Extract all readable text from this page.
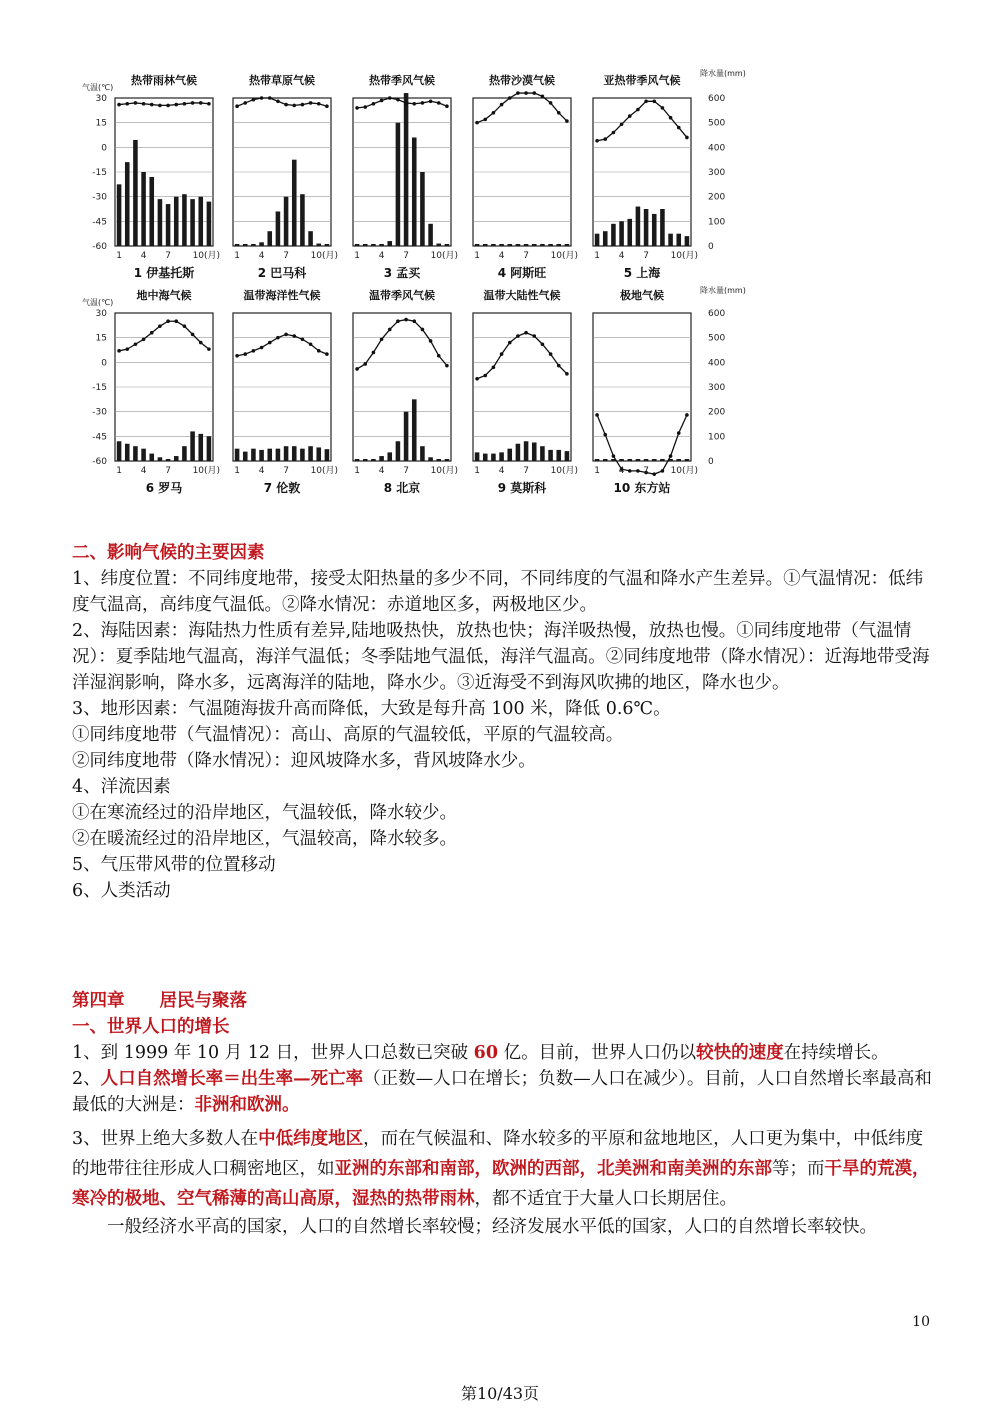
气温(℃)
30
15
0
-15
-30
-45
-60
降水量(mm)
600
500
400
300
200
100
0
气温(℃)
30
15
0
-15
-30
-45
-60
降水量(mm)
600
500
400
300
200
100
0
热带雨林气候
1 4 7 10(月)
1 伊基托斯
热带草原气候
1 4 7 10(月)
2 巴马科
热带季风气候
1 4 7 10(月)
3 孟买
热带沙漠气候
1 4 7 10(月)
4 阿斯旺
亚热带季风气候
1 4 7 10(月)
5 上海
地中海气候
1 4 7 10(月)
6 罗马
温带海洋性气候
1 4 7 10(月)
7 伦敦
温带季风气候
1 4 7 10(月)
8 北京
温带大陆性气候
1 4 7 10(月)
9 莫斯科
极地气候
1 4 7 10(月)
10 东方站

二、影响气候的主要因素

1、纬度位置：不同纬度地带，接受太阳热量的多少不同，不同纬度的气温和降水产生差异。①气温情况：低纬度气温高，高纬度气温低。②降水情况：赤道地区多，两极地区少。

2、海陆因素：海陆热力性质有差异,陆地吸热快，放热也快；海洋吸热慢，放热也慢。①同纬度地带（气温情况）：夏季陆地气温高，海洋气温低；冬季陆地气温低，海洋气温高。②同纬度地带（降水情况）：近海地带受海洋湿润影响，降水多，远离海洋的陆地，降水少。③近海受不到海风吹拂的地区，降水也少。

3、地形因素：气温随海拔升高而降低，大致是每升高 100 米，降低 0.6℃。

①同纬度地带（气温情况）：高山、高原的气温较低，平原的气温较高。

②同纬度地带（降水情况）：迎风坡降水多，背风坡降水少。

4、洋流因素

①在寒流经过的沿岸地区，气温较低，降水较少。

②在暖流经过的沿岸地区，气温较高，降水较多。

5、气压带风带的位置移动

6、人类活动

第四章　　居民与聚落

一、世界人口的增长

1、到 1999 年 10 月 12 日，世界人口总数已突破 60 亿。目前，世界人口仍以较快的速度在持续增长。

2、人口自然增长率＝出生率—死亡率（正数—人口在增长；负数—人口在减少）。目前，人口自然增长率最高和最低的大洲是：非洲和欧洲。

3、世界上绝大多数人在中低纬度地区，而在气候温和、降水较多的平原和盆地地区，人口更为集中，中低纬度的地带往往形成人口稠密地区，如亚洲的东部和南部，欧洲的西部，北美洲和南美洲的东部等；而干旱的荒漠，寒冷的极地、空气稀薄的高山高原，湿热的热带雨林，都不适宜于大量人口长期居住。

　　一般经济水平高的国家，人口的自然增长率较慢；经济发展水平低的国家，人口的自然增长率较快。

10
第10/43页
